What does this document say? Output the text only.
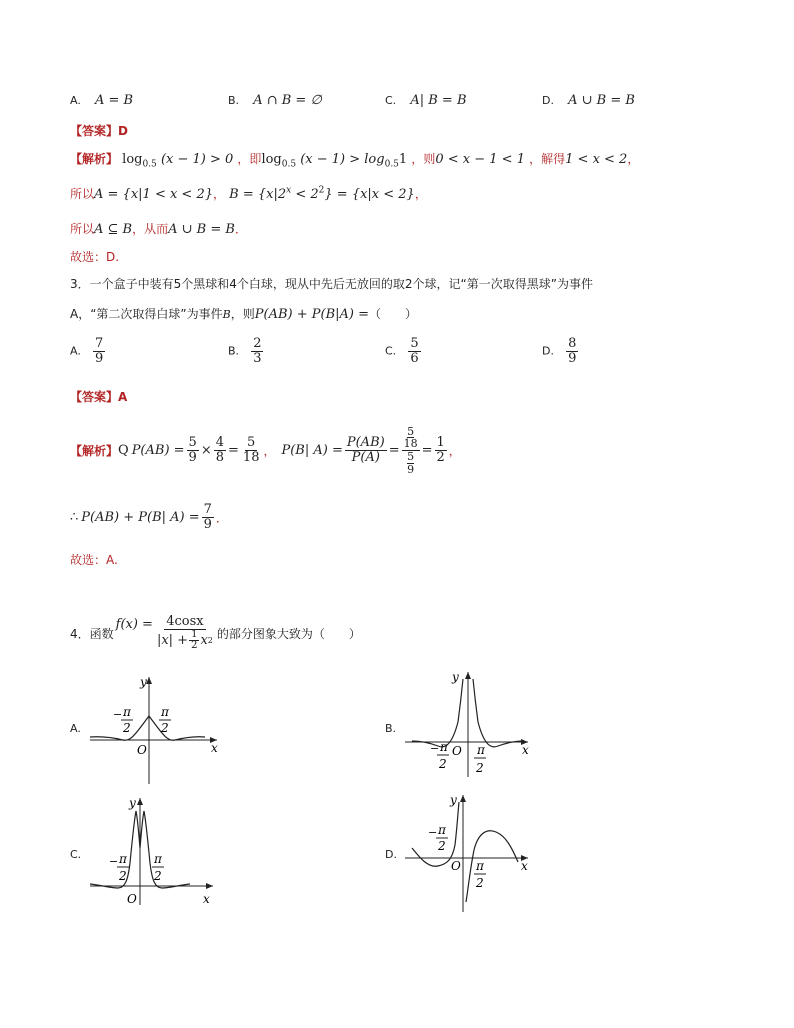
A. A = B	B. A ∩ B = ∅	C. A| B = B	D. A ∪ B = B
【答案】D
【解析】 $\log_{0.5} (x - 1) > 0$ ，即$\log_{0.5} (x - 1) > \log_{0.5}1$ ，则0 < x − 1 < 1 ，解得1 < x < 2，
所以A = {x|1 < x < 2}， $B = \{x|2^x < 2^2\} = \{x|x < 2\}$，
所以A ⊆ B，从而A ∪ B = B．
故选：D.
3．一个盒子中装有5个黑球和4个白球，现从中先后无放回的取2个球，记“第一次取得黑球”为事件
A，“第二次取得白球”为事件B，则P(AB) + P(B|A) =（　　）
A. $\frac{7}{9}$	B. $\frac{2}{3}$	C. $\frac{5}{6}$	D. $\frac{8}{9}$
【答案】A
【解析】 Q $P(AB) = \frac{5}{9} \times \frac{4}{8} = \frac{5}{18}$ ， P(B| $A) = \frac{P(AB)}{P(A)} = 5$
18
5
$9 = \frac{1}{2}$ ，
∴ P(AB) + P(B| $A) = \frac{7}{9}$ ．
故选：A.
4．函数
$f(x) = \frac{4\cos x}{|x| + \frac{1}{2} x 2}$ 的部分图象大致为（　　）
A.
y
x
O
− π
2
π
2	B.
y
x
O
− π
2
π
2
C.
y
x
O
− π
2
π
2
D.
y
x
O
− π
2
π
2
